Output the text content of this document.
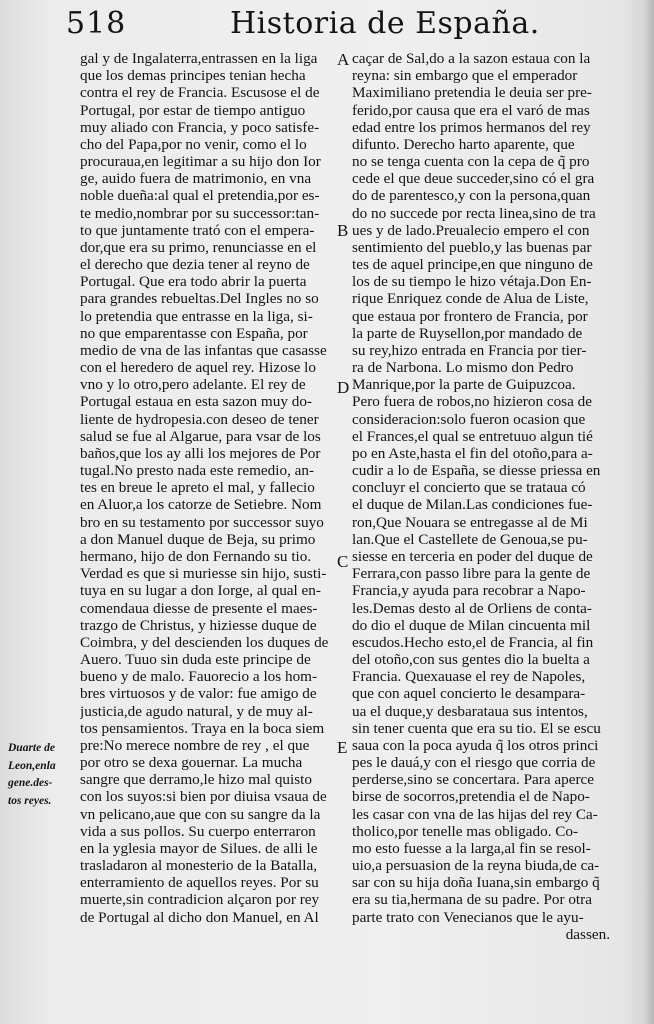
518	Historia de España.
Duarte de
Leon,enla
gene.des-
tos reyes.
gal y de Ingalaterra,entrassen en la liga
que los demas principes tenian hecha
contra el rey de Francia. Escusose el de
Portugal, por estar de tiempo antiguo
muy aliado con Francia, y poco satisfe-
cho del Papa,por no venir, como el lo
procuraua,en legitimar a su hijo don Ior
ge, auido fuera de matrimonio, en vna
noble dueña:al qual el pretendia,por es-
te medio,nombrar por su successor:tan-
to que juntamente trató con el empera-
dor,que era su primo, renunciasse en el
el derecho que dezia tener al reyno de
Portugal. Que era todo abrir la puerta
para grandes rebueltas.Del Ingles no so
lo pretendia que entrasse en la liga, si-
no que emparentasse con España, por
medio de vna de las infantas que casasse
con el heredero de aquel rey. Hizose lo
vno y lo otro,pero adelante. El rey de
Portugal estaua en esta sazon muy do-
liente de hydropesia.con deseo de tener
salud se fue al Algarue, para vsar de los
baños,que los ay alli los mejores de Por
tugal.No presto nada este remedio, an-
tes en breue le apreto el mal, y fallecio
en Aluor,a los catorze de Setiebre. Nom
bro en su testamento por successor suyo
a don Manuel duque de Beja, su primo
hermano, hijo de don Fernando su tio.
Verdad es que si muriesse sin hijo, susti-
tuya en su lugar a don Iorge, al qual en-
comendaua diesse de presente el maes-
trazgo de Christus, y hiziesse duque de
Coimbra, y del descienden los duques de
Auero. Tuuo sin duda este principe de
bueno y de malo. Fauorecio a los hom-
bres virtuosos y de valor: fue amigo de
justicia,de agudo natural, y de muy al-
tos pensamientos. Traya en la boca siem
pre:No merece nombre de rey , el que
por otro se dexa gouernar. La mucha
sangre que derramo,le hizo mal quisto
con los suyos:si bien por diuisa vsaua de
vn pelicano,aue que con su sangre da la
vida a sus pollos. Su cuerpo enterraron
en la yglesia mayor de Silues. de alli le
trasladaron al monesterio de la Batalla,
enterramiento de aquellos reyes. Por su
muerte,sin contradicion alçaron por rey
de Portugal al dicho don Manuel, en Al
A
B
D
C
E
caçar de Sal,do a la sazon estaua con la
reyna: sin embargo que el emperador
Maximiliano pretendia le deuia ser pre-
ferido,por causa que era el varó de mas
edad entre los primos hermanos del rey
difunto. Derecho harto aparente, que
no se tenga cuenta con la cepa de q̃ pro
cede el que deue succeder,sino có el gra
do de parentesco,y con la persona,quan
do no succede por recta linea,sino de tra
ues y de lado.Preualecio empero el con
sentimiento del pueblo,y las buenas par
tes de aquel principe,en que ninguno de
los de su tiempo le hizo vétaja.Don En-
rique Enriquez conde de Alua de Liste,
que estaua por frontero de Francia, por
la parte de Ruysellon,por mandado de
su rey,hizo entrada en Francia por tier-
ra de Narbona. Lo mismo don Pedro
Manrique,por la parte de Guipuzcoa.
Pero fuera de robos,no hizieron cosa de
consideracion:solo fueron ocasion que
el Frances,el qual se entretuuo algun tié
po en Aste,hasta el fin del otoño,para a-
cudir a lo de España, se diesse priessa en
concluyr el concierto que se trataua có
el duque de Milan.Las condiciones fue-
ron,Que Nouara se entregasse al de Mi
lan.Que el Castellete de Genoua,se pu-
siesse en terceria en poder del duque de
Ferrara,con passo libre para la gente de
Francia,y ayuda para recobrar a Napo-
les.Demas desto al de Orliens de conta-
do dio el duque de Milan cincuenta mil
escudos.Hecho esto,el de Francia, al fin
del otoño,con sus gentes dio la buelta a
Francia. Quexauase el rey de Napoles,
que con aquel concierto le desampara-
ua el duque,y desbarataua sus intentos,
sin tener cuenta que era su tio. El se escu
saua con la poca ayuda q̃ los otros princi
pes le dauá,y con el riesgo que corria de
perderse,sino se concertara. Para aperce
birse de socorros,pretendia el de Napo-
les casar con vna de las hijas del rey Ca-
tholico,por tenelle mas obligado. Co-
mo esto fuesse a la larga,al fin se resol-
uio,a persuasion de la reyna biuda,de ca-
sar con su hija doña Iuana,sin embargo q̃
era su tia,hermana de su padre. Por otra
parte trato con Venecianos que le ayu-
dassen.
